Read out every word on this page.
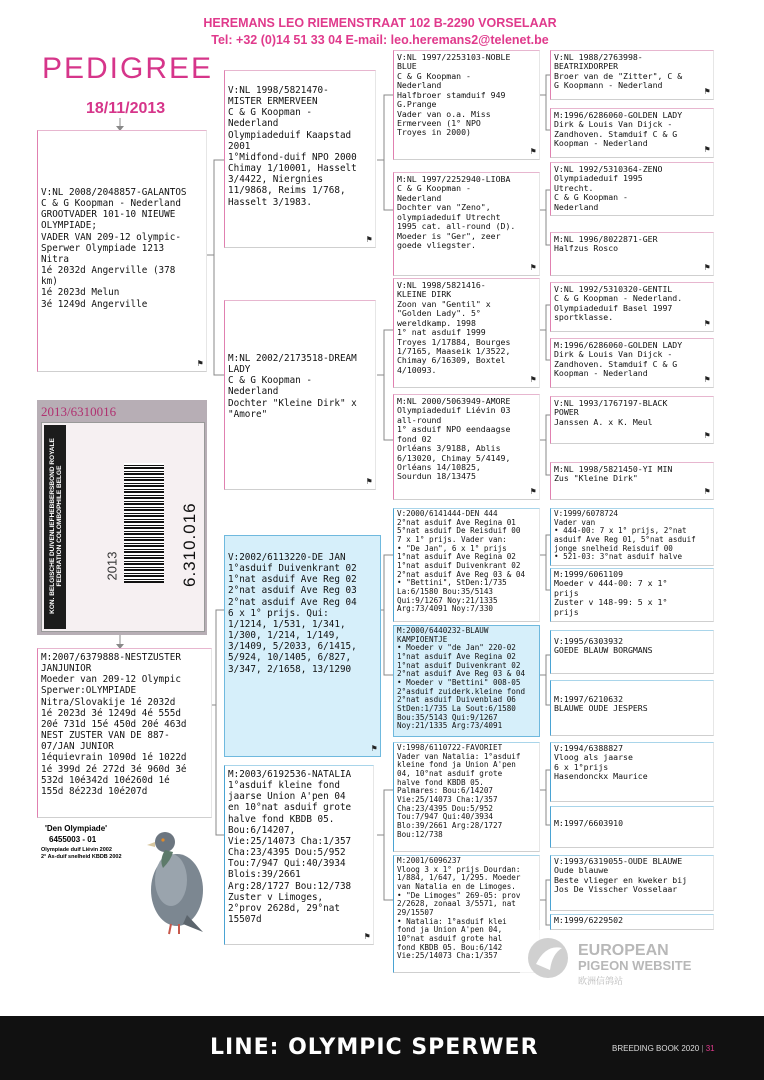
HEREMANS LEO RIEMENSTRAAT 102 B-2290 VORSELAAR
Tel: +32 (0)14 51 33 04 E-mail: leo.heremans2@telenet.be
PEDIGREE
18/11/2013
V:NL 2008/2048857-GALANTOS
C & G Koopman - Nederland
GROOTVADER 101-10 NIEUWE
OLYMPIADE;
VADER VAN 209-12 olympic-
Sperwer Olympiade 1213
Nitra
1é 2032d Angerville (378
km)
1é 2023d Melun
3é 1249d Angerville
⚑
2013/6310016
KON. BELGISCHE DUIVENLIEFHEBBERSBOND ROYALE FEDERATION COLOMBOPHILE BELGE	2013	6.310.016
M:2007/6379888-NESTZUSTER
JANJUNIOR
Moeder van 209-12 Olympic
Sperwer:OLYMPIADE
Nitra/Slovakije 1é 2032d
1é 2023d 3é 1249d 4é 555d
20é 731d 15é 450d 20é 463d
NEST ZUSTER VAN DE 887-
07/JAN JUNIOR
1équievrain 1090d 1é 1022d
1é 399d 2é 272d 3é 960d 3é
532d 10é342d 10é260d 1é
155d 8é223d 10é207d
'Den Olympiade'
6455003 - 01
Olympiade duif Liévin 2002
2° As-duif snelheid KBDB 2002
V:NL 1998/5821470-
MISTER ERMERVEEN
C & G Koopman -
Nederland
Olympiadeduif Kaapstad
2001
1°Midfond-duif NPO 2000
Chimay 1/10001, Hasselt
3/4422, Niergnies
11/9868, Reims 1/768,
Hasselt 3/1983.
⚑
M:NL 2002/2173518-DREAM
LADY
C & G Koopman -
Nederland
Dochter "Kleine Dirk" x
"Amore"
⚑
V:2002/6113220-DE JAN
1°asduif Duivenkrant 02
1°nat asduif Ave Reg 02
2°nat asduif Ave Reg 03
2°nat asduif Ave Reg 04
6 x 1° prijs. Qui:
1/1214, 1/531, 1/341,
1/300, 1/214, 1/149,
3/1409, 5/2033, 6/1415,
5/924, 10/1405, 6/827,
3/347, 2/1658, 13/1290
⚑
M:2003/6192536-NATALIA
1°asduif kleine fond
jaarse Union A'pen 04
en 10°nat asduif grote
halve fond KBDB 05.
Bou:6/14207,
Vie:25/14073 Cha:1/357
Cha:23/4395 Dou:5/952
Tou:7/947 Qui:40/3934
Blois:39/2661
Arg:28/1727 Bou:12/738
Zuster v Limoges,
2°prov 2628d, 29°nat
15507d
⚑
V:NL 1997/2253103-NOBLE
BLUE
C & G Koopman -
Nederland
Halfbroer stamduif 949
G.Prange
Vader van o.a. Miss
Ermerveen (1° NPO
Troyes in 2000)
⚑
M:NL 1997/2252940-LIOBA
C & G Koopman -
Nederland
Dochter van "Zeno",
olympiadeduif Utrecht
1995 cat. all-round (D).
Moeder is "Ger", zeer
goede vliegster.
⚑
V:NL 1998/5821416-
KLEINE DIRK
Zoon van "Gentil" x
"Golden Lady". 5°
wereldkamp. 1998
1° nat asduif 1999
Troyes 1/17884, Bourges
1/7165, Maaseik 1/3522,
Chimay 6/16309, Boxtel
4/10093.
⚑
M:NL 2000/5063949-AMORE
Olympiadeduif Liévin 03
all-round
1° asduif NPO eendaagse
fond 02
Orléans 3/9188, Ablis
6/13020, Chimay 5/4149,
Orléans 14/10825,
Sourdun 18/13475
⚑
V:2000/6141444-DEN 444
2°nat asduif Ave Regina 01
5°nat asduif De Reisduif 00
7 x 1° prijs. Vader van:
• "De Jan", 6 x 1° prijs
1°nat asduif Ave Regina 02
1°nat asduif Duivenkrant 02
2°nat asduif Ave Reg 03 & 04
• "Bettini", StDen:1/735
La:6/1580 Bou:35/5143
Qui:9/1267 Noy:21/1335
Arg:73/4091 Noy:7/330
M:2000/6440232-BLAUW
KAMPIOENTJE
• Moeder v "de Jan" 220-02
1°nat asduif Ave Regina 02
1°nat asduif Duivenkrant 02
2°nat asduif Ave Reg 03 & 04
• Moeder v "Bettini" 008-05
2°asduif zuiderk.kleine fond
2°nat asduif Duivenblad 06
StDen:1/735 La Sout:6/1580
Bou:35/5143 Qui:9/1267
Noy:21/1335 Arg:73/4091
V:1998/6110722-FAVORIET
Vader van Natalia: 1°asduif
kleine fond ja Union A'pen
04, 10°nat asduif grote
halve fond KBDB 05.
Palmares: Bou:6/14207
Vie:25/14073 Cha:1/357
Cha:23/4395 Dou:5/952
Tou:7/947 Qui:40/3934
Blo:39/2661 Arg:28/1727
Bou:12/738
M:2001/6096237
Vloog 3 x 1° prijs Dourdan:
1/884, 1/647, 1/295. Moeder
van Natalia en de Limoges.
• "De Limoges" 269-05: prov
2/2628, zonaal 3/5571, nat
29/15507
• Natalia: 1°asduif klei
fond ja Union A'pen 04,
10°nat asduif grote hal
fond KBDB 05. Bou:6/142
Vie:25/14073 Cha:1/357
V:NL 1988/2763998-
BEATRIXDORPER
Broer van de "Zitter", C &
G Koopmann - Nederland
⚑
M:1996/6286060-GOLDEN LADY
Dirk & Louis Van Dijck -
Zandhoven. Stamduif C & G
Koopman - Nederland
⚑
V:NL 1992/5310364-ZENO
Olympiadeduif 1995
Utrecht.
C & G Koopman -
Nederland
M:NL 1996/8022871-GER
Halfzus Rosco
⚑
V:NL 1992/5310320-GENTIL
C & G Koopman - Nederland.
Olympiadeduif Basel 1997
sportklasse.
⚑
M:1996/6286060-GOLDEN LADY
Dirk & Louis Van Dijck -
Zandhoven. Stamduif C & G
Koopman - Nederland
⚑
V:NL 1993/1767197-BLACK
POWER
Janssen A. x K. Meul
⚑
M:NL 1998/5821450-YI MIN
Zus "Kleine Dirk"
⚑
V:1999/6078724
Vader van
• 444-00: 7 x 1° prijs, 2°nat
asduif Ave Reg 01, 5°nat asduif
jonge snelheid Reisduif 00
• 521-03: 3°nat asduif halve
M:1999/6061109
Moeder v 444-00: 7 x 1°
prijs
Zuster v 148-99: 5 x 1°
prijs
V:1995/6303932
GOEDE BLAUW BORGMANS
M:1997/6210632
BLAUWE OUDE JESPERS
V:1994/6388827
Vloog als jaarse
6 x 1°prijs
Hasendonckx Maurice
M:1997/6603910
V:1993/6319055-OUDE BLAUWE
Oude blauwe
Beste vlieger en kweker bij
Jos De Visscher Vosselaar
M:1999/6229502
EUROPEAN
PIGEON WEBSITE
欧洲信鸽站
LINE: OLYMPIC SPERWER	BREEDING BOOK 2020 | 31
